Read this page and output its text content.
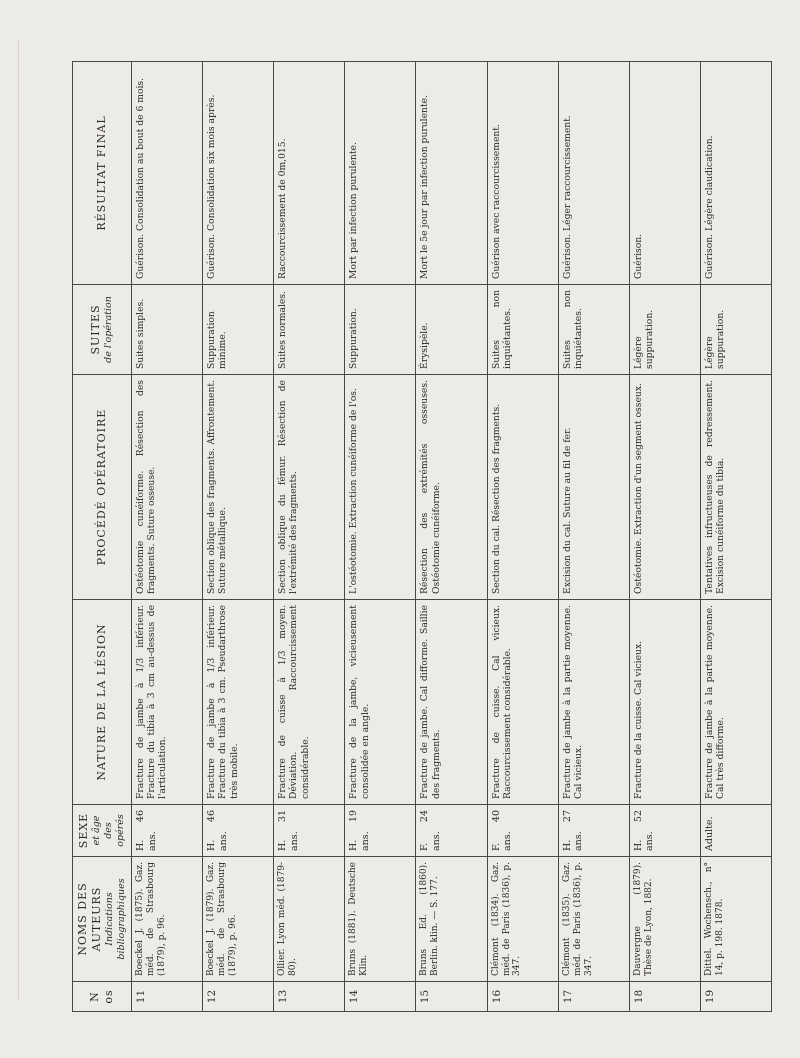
N os	NOMS DES AUTEURS Indications bibliographiques	SEXE et âge des opérés	NATURE DE LA LÉSION	PROCÉDÉ OPÉRATOIRE	SUITES de l'opération	RÉSULTAT FINAL
11	Boeckel J. (1875). Gaz. méd. de Strasbourg (1879), p. 96.	H. 46 ans.	Fracture de jambe à 1/3 inférieur. Fracture du tibia à 3 cm au-dessus de l'articulation.	Ostéotomie cunéiforme. Résection des fragments. Suture osseuse.	Suites simples.	Guérison. Consolidation au bout de 6 mois.
12	Boeckel J. (1879). Gaz. méd. de Strasbourg (1879), p. 96.	H. 46 ans.	Fracture de jambe à 1/3 inférieur. Fracture du tibia à 3 cm. Pseudarthrose très mobile.	Section oblique des fragments. Affrontement. Suture métallique.	Suppuration minime.	Guérison. Consolidation six mois après.
13	Ollier. Lyon méd. (1879-80).	H. 31 ans.	Fracture de cuisse à 1/3 moyen. Déviation. Raccourcissement considérable.	Section oblique du fémur. Résection de l'extrémité des fragments.	Suites normales.	Raccourcissement de 0m,015.
14	Bruns (1881). Deutsche Klin.	H. 19 ans.	Fracture de la jambe, vicieusement consolidée en angle.	L'ostéotomie. Extraction cunéiforme de l'os.	Suppuration.	Mort par infection purulente.
15	Bruns Ed. (1860). Berlin. klin. — S. 177.	F. 24 ans.	Fracture de jambe. Cal difforme. Saillie des fragments.	Résection des extrémités osseuses. Ostéotomie cunéiforme.	Érysipèle.	Mort le 5e jour par infection purulente.
16	Clémont (1834). Gaz. méd. de Paris (1836), p. 347.	F. 40 ans.	Fracture de cuisse. Cal vicieux. Raccourcissement considérable.	Section du cal. Résection des fragments.	Suites non inquiétantes.	Guérison avec raccourcissement.
17	Clémont (1835). Gaz. méd. de Paris (1836), p. 347.	H. 27 ans.	Fracture de jambe à la partie moyenne. Cal vicieux.	Excision du cal. Suture au fil de fer.	Suites non inquiétantes.	Guérison. Léger raccourcissement.
18	Dauvergne (1879). Thèse de Lyon, 1882.	H. 52 ans.	Fracture de la cuisse. Cal vicieux.	Ostéotomie. Extraction d'un segment osseux.	Légère suppuration.	Guérison.
19	Dittel. Wochensch., n° 14, p. 198. 1878.	Adulte.	Fracture de jambe à la partie moyenne. Cal très difforme.	Tentatives infructueuses de redressement. Excision cunéiforme du tibia.	Légère suppuration.	Guérison. Légère claudication.
